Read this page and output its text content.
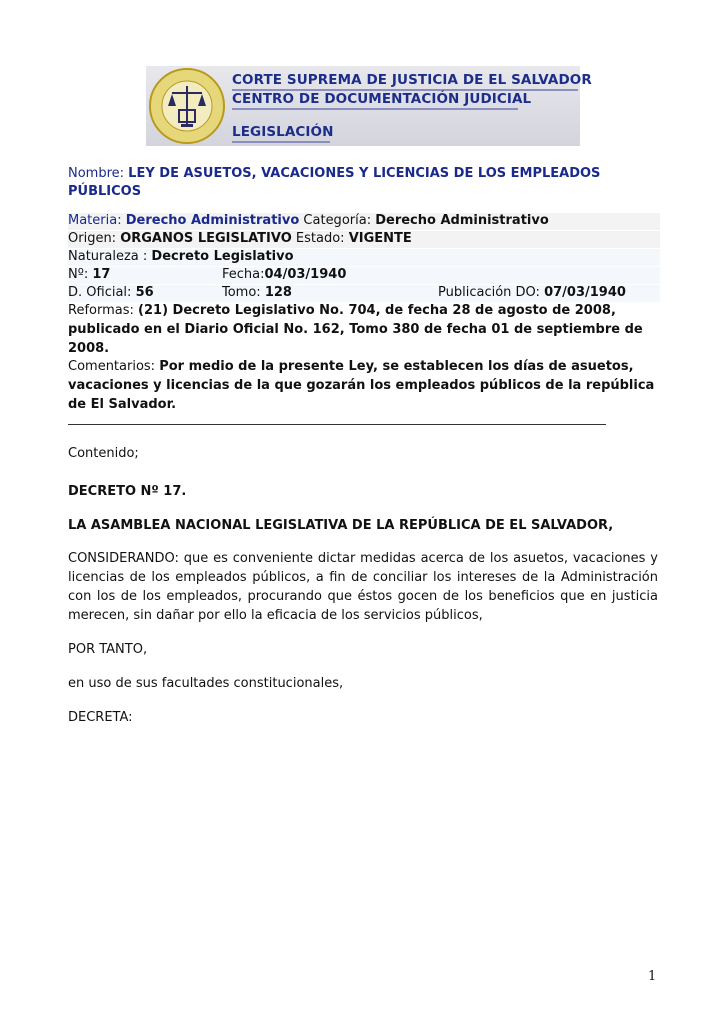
CORTE SUPREMA DE JUSTICIA DE EL SALVADOR
CENTRO DE DOCUMENTACIÓN JUDICIAL
LEGISLACIÓN
Nombre: LEY DE ASUETOS, VACACIONES Y LICENCIAS DE LOS EMPLEADOS
PÚBLICOS
Materia: Derecho Administrativo Categoría: Derecho Administrativo
Origen: ORGANOS LEGISLATIVO Estado: VIGENTE
Naturaleza : Decreto Legislativo
Nº: 17	Fecha:04/03/1940
D. Oficial: 56	Tomo: 128	Publicación DO: 07/03/1940
Reformas: (21) Decreto Legislativo No. 704, de fecha 28 de agosto de 2008,
publicado en el Diario Oficial No. 162, Tomo 380 de fecha 01 de septiembre de
2008.
Comentarios: Por medio de la presente Ley, se establecen los días de asuetos,
vacaciones y licencias de la que gozarán los empleados públicos de la república
de El Salvador.
Contenido;
DECRETO Nº 17.
LA ASAMBLEA NACIONAL LEGISLATIVA DE LA REPÚBLICA DE EL SALVADOR,
CONSIDERANDO: que es conveniente dictar medidas acerca de los asuetos, vacaciones y licencias de los empleados públicos, a fin de conciliar los intereses de la Administración con los de los empleados, procurando que éstos gocen de los beneficios que en justicia merecen, sin dañar por ello la eficacia de los servicios públicos,
POR TANTO,
en uso de sus facultades constitucionales,
DECRETA:
1
